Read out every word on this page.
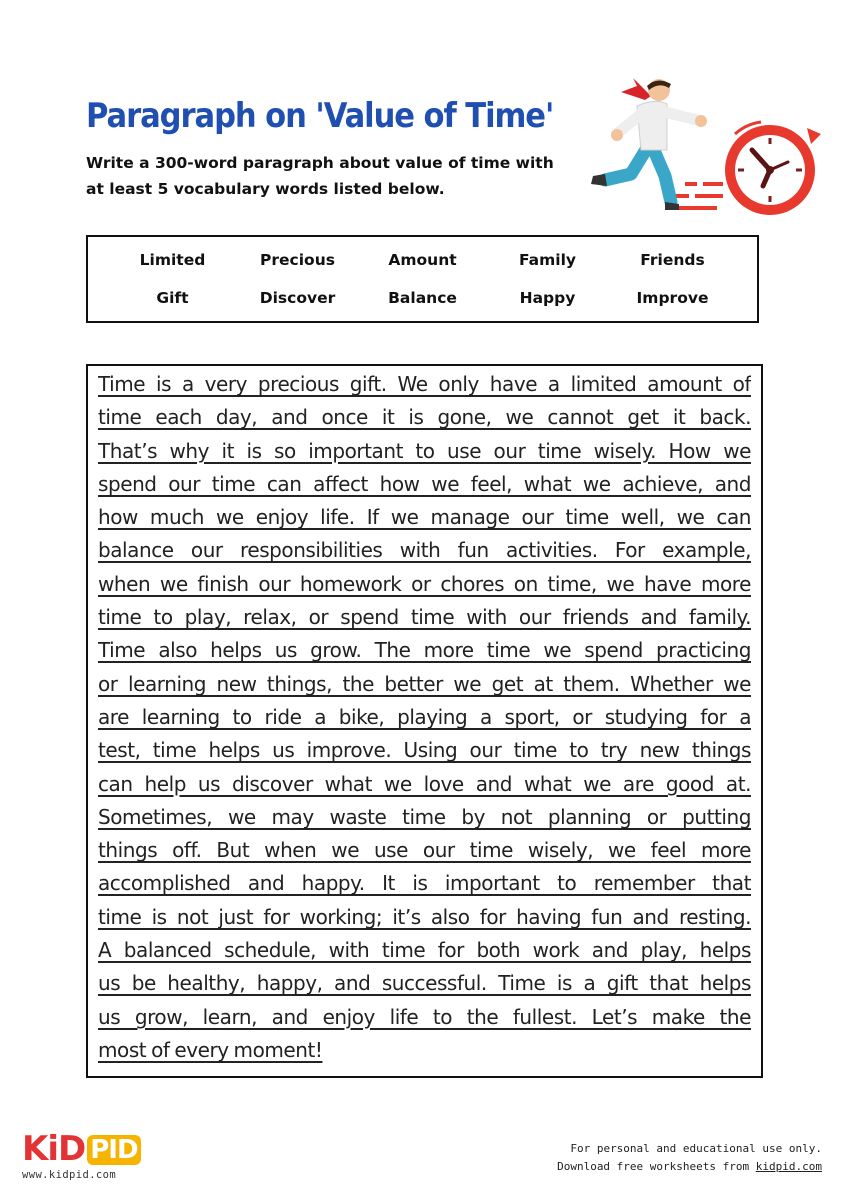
Paragraph on 'Value of Time'

Write a 300-word paragraph about value of time with at least 5 vocabulary words listed below.

Limited	Precious	Amount	Family	Friends
Gift	Discover	Balance	Happy	Improve
Time is a very precious gift. We only have a limited amount of
time each day, and once it is gone, we cannot get it back.
That’s why it is so important to use our time wisely. How we
spend our time can affect how we feel, what we achieve, and
how much we enjoy life. If we manage our time well, we can
balance our responsibilities with fun activities. For example,
when we finish our homework or chores on time, we have more
time to play, relax, or spend time with our friends and family.
Time also helps us grow. The more time we spend practicing
or learning new things, the better we get at them. Whether we
are learning to ride a bike, playing a sport, or studying for a
test, time helps us improve. Using our time to try new things
can help us discover what we love and what we are good at.
Sometimes, we may waste time by not planning or putting
things off. But when we use our time wisely, we feel more
accomplished and happy. It is important to remember that
time is not just for working; it’s also for having fun and resting.
A balanced schedule, with time for both work and play, helps
us be healthy, happy, and successful. Time is a gift that helps
us grow, learn, and enjoy life to the fullest. Let’s make the
most of every moment!
KiD PID
www.kidpid.com
For personal and educational use only.
Download free worksheets from kidpid.com
